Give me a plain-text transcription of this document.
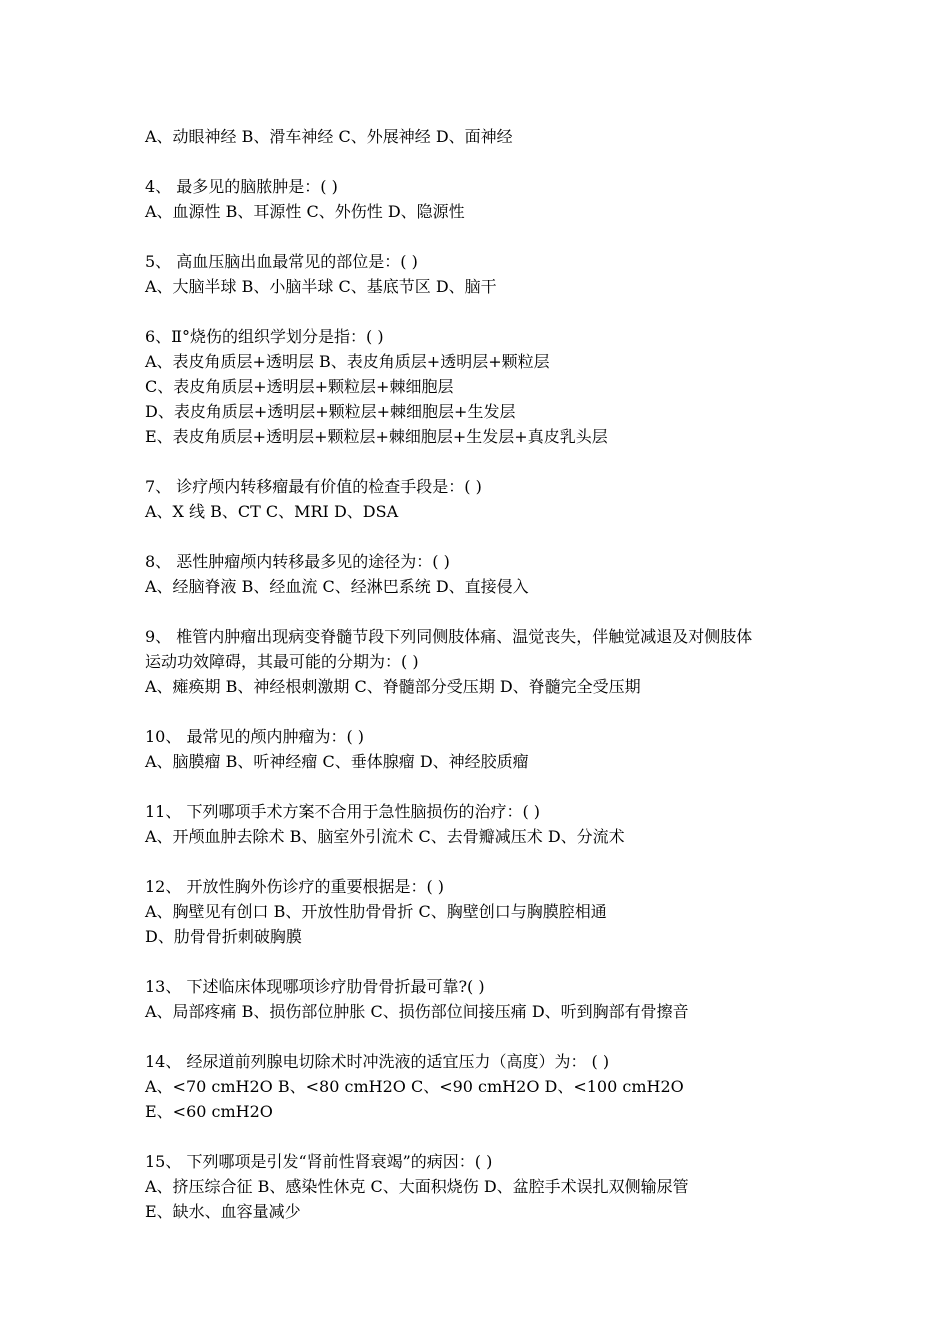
A、动眼神经 B、滑车神经 C、外展神经 D、面神经
4、 最多见的脑脓肿是：( )
A、血源性 B、耳源性 C、外伤性 D、隐源性
5、 高血压脑出血最常见的部位是：( )
A、大脑半球 B、小脑半球 C、基底节区 D、脑干
6、Ⅱ°烧伤的组织学划分是指：( )
A、表皮角质层+透明层 B、表皮角质层+透明层+颗粒层
C、表皮角质层+透明层+颗粒层+棘细胞层
D、表皮角质层+透明层+颗粒层+棘细胞层+生发层
E、表皮角质层+透明层+颗粒层+棘细胞层+生发层+真皮乳头层
7、 诊疗颅内转移瘤最有价值的检查手段是：( )
A、X 线 B、CT C、MRI D、DSA
8、 恶性肿瘤颅内转移最多见的途径为：( )
A、经脑脊液 B、经血流 C、经淋巴系统 D、直接侵入
9、 椎管内肿瘤出现病变脊髓节段下列同侧肢体痛、温觉丧失，伴触觉减退及对侧肢体
运动功效障碍，其最可能的分期为：( )
A、瘫痪期 B、神经根刺激期 C、脊髓部分受压期 D、脊髓完全受压期
10、 最常见的颅内肿瘤为：( )
A、脑膜瘤 B、听神经瘤 C、垂体腺瘤 D、神经胶质瘤
11、 下列哪项手术方案不合用于急性脑损伤的治疗：( )
A、开颅血肿去除术 B、脑室外引流术 C、去骨瓣减压术 D、分流术
12、 开放性胸外伤诊疗的重要根据是：( )
A、胸壁见有创口 B、开放性肋骨骨折 C、胸壁创口与胸膜腔相通
D、肋骨骨折刺破胸膜
13、 下述临床体现哪项诊疗肋骨骨折最可靠?( )
A、局部疼痛 B、损伤部位肿胀 C、损伤部位间接压痛 D、听到胸部有骨擦音
14、 经尿道前列腺电切除术时冲洗液的适宜压力（高度）为： ( )
A、<70 cmH2O B、<80 cmH2O C、<90 cmH2O D、<100 cmH2O
E、<60 cmH2O
15、 下列哪项是引发“肾前性肾衰竭”的病因：( )
A、挤压综合征 B、感染性休克 C、大面积烧伤 D、盆腔手术误扎双侧输尿管
E、缺水、血容量减少
